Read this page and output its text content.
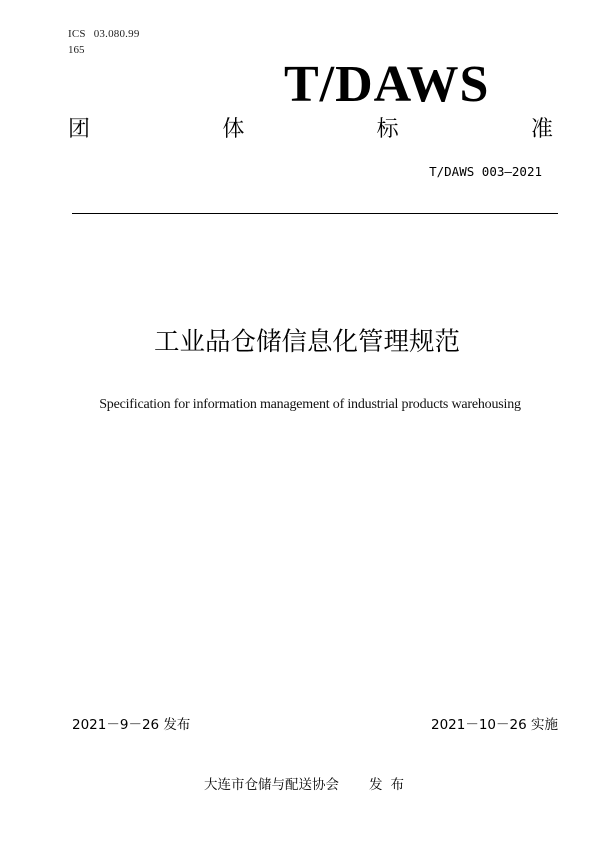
ICS 03.080.99
165
T/DAWS
团	体	标	准
T/DAWS 003—2021
工业品仓储信息化管理规范
Specification for information management of industrial products warehousing
2021－9－26 发布	2021－10－26 实施
大连市仓储与配送协会 发布
